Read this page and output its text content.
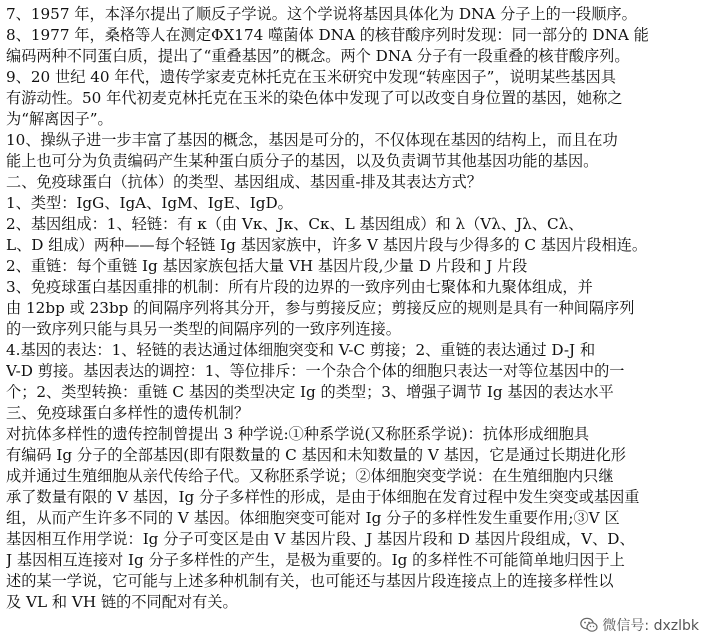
7、1957 年，本泽尔提出了顺反子学说。这个学说将基因具体化为 DNA 分子上的一段顺序。
8、1977 年，桑格等人在测定ΦX174 噬菌体 DNA 的核苷酸序列时发现：同一部分的 DNA 能
编码两种不同蛋白质，提出了“重叠基因”的概念。两个 DNA 分子有一段重叠的核苷酸序列。
9、20 世纪 40 年代，遗传学家麦克林托克在玉米研究中发现“转座因子”，说明某些基因具
有游动性。50 年代初麦克林托克在玉米的染色体中发现了可以改变自身位置的基因，她称之
为“解离因子”。
10、操纵子进一步丰富了基因的概念，基因是可分的，不仅体现在基因的结构上，而且在功
能上也可分为负责编码产生某种蛋白质分子的基因，以及负责调节其他基因功能的基因。
二、免疫球蛋白（抗体）的类型、基因组成、基因重-排及其表达方式？
1、类型：IgG、IgA、IgM、IgE、IgD。
2、基因组成：1、轻链：有 κ（由 Vκ、Jκ、Cκ、L 基因组成）和 λ（Vλ、Jλ、Cλ、
L、D 组成）两种——每个轻链 Ig 基因家族中，许多 V 基因片段与少得多的 C 基因片段相连。
2、重链：每个重链 Ig 基因家族包括大量 VH 基因片段,少量 D 片段和 J 片段
3、免疫球蛋白基因重排的机制：所有片段的边界的一致序列由七聚体和九聚体组成，并
由 12bp 或 23bp 的间隔序列将其分开，参与剪接反应；剪接反应的规则是具有一种间隔序列
的一致序列只能与具另一类型的间隔序列的一致序列连接。
4.基因的表达：1、轻链的表达通过体细胞突变和 V-C 剪接；2、重链的表达通过 D-J 和
V-D 剪接。基因表达的调控：1、等位排斥：一个杂合个体的细胞只表达一对等位基因中的一
个；2、类型转换：重链 C 基因的类型决定 Ig 的类型；3、增强子调节 Ig 基因的表达水平
三、免疫球蛋白多样性的遗传机制？
对抗体多样性的遗传控制曾提出 3 种学说:①种系学说(又称胚系学说)：抗体形成细胞具
有编码 Ig 分子的全部基因(即有限数量的 C 基因和未知数量的 V 基因，它是通过长期进化形
成并通过生殖细胞从亲代传给子代。又称胚系学说；②体细胞突变学说：在生殖细胞内只继
承了数量有限的 V 基因，Ig 分子多样性的形成，是由于体细胞在发育过程中发生突变或基因重
组，从而产生许多不同的 V 基因。体细胞突变可能对 Ig 分子的多样性发生重要作用;③V 区
基因相互作用学说：Ig 分子可变区是由 V 基因片段、J 基因片段和 D 基因片段组成，V、D、
J 基因相互连接对 Ig 分子多样性的产生，是极为重要的。Ig 的多样性不可能简单地归因于上
述的某一学说，它可能与上述多种机制有关，也可能还与基因片段连接点上的连接多样性以
及 VL 和 VH 链的不同配对有关。
微信号: dxzlbk
